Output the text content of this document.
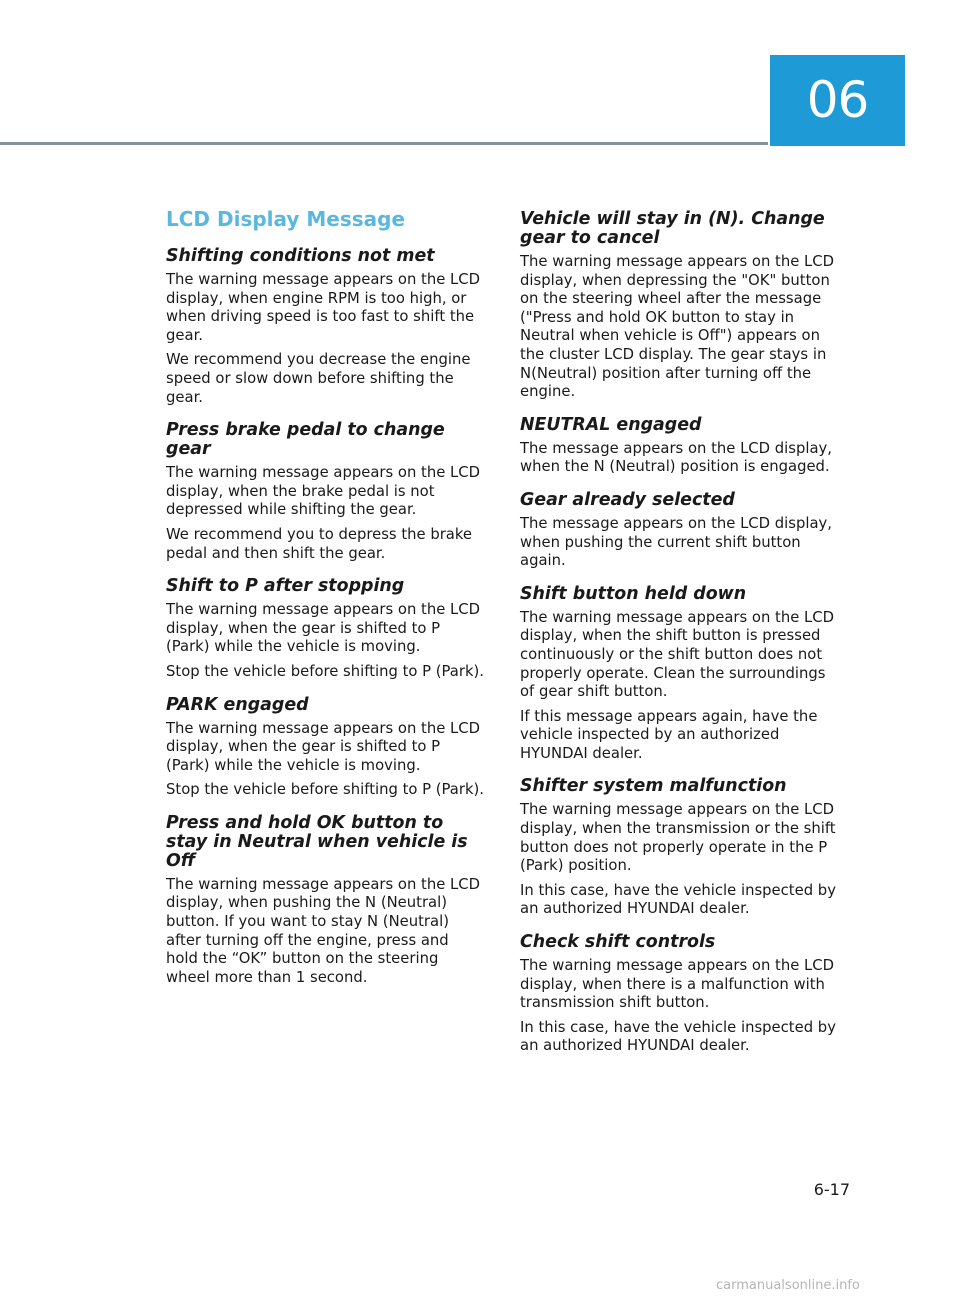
06
LCD Display Message
Shifting conditions not met
The warning message appears on the LCD display, when engine RPM is too high, or when driving speed is too fast to shift the gear.
We recommend you decrease the engine speed or slow down before shifting the gear.
Press brake pedal to change gear
The warning message appears on the LCD display, when the brake pedal is not depressed while shifting the gear.
We recommend you to depress the brake pedal and then shift the gear.
Shift to P after stopping
The warning message appears on the LCD display, when the gear is shifted to P (Park) while the vehicle is moving.
Stop the vehicle before shifting to P (Park).
PARK engaged
The warning message appears on the LCD display, when the gear is shifted to P (Park) while the vehicle is moving.
Stop the vehicle before shifting to P (Park).
Press and hold OK button to stay in Neutral when vehicle is Off
The warning message appears on the LCD display, when pushing the N (Neutral) button. If you want to stay N (Neutral) after turning off the engine, press and hold the “OK” button on the steering wheel more than 1 second.
Vehicle will stay in (N). Change gear to cancel
The warning message appears on the LCD display, when depressing the "OK" button on the steering wheel after the message ("Press and hold OK button to stay in Neutral when vehicle is Off") appears on the cluster LCD display. The gear stays in N(Neutral) position after turning off the engine.
NEUTRAL engaged
The message appears on the LCD display, when the N (Neutral) position is engaged.
Gear already selected
The message appears on the LCD display, when pushing the current shift button again.
Shift button held down
The warning message appears on the LCD display, when the shift button is pressed continuously or the shift button does not properly operate. Clean the surroundings of gear shift button.
If this message appears again, have the vehicle inspected by an authorized HYUNDAI dealer.
Shifter system malfunction
The warning message appears on the LCD display, when the transmission or the shift button does not properly operate in the P (Park) position.
In this case, have the vehicle inspected by an authorized HYUNDAI dealer.
Check shift controls
The warning message appears on the LCD display, when there is a malfunction with transmission shift button.
In this case, have the vehicle inspected by an authorized HYUNDAI dealer.
6-17
carmanualsonline.info
